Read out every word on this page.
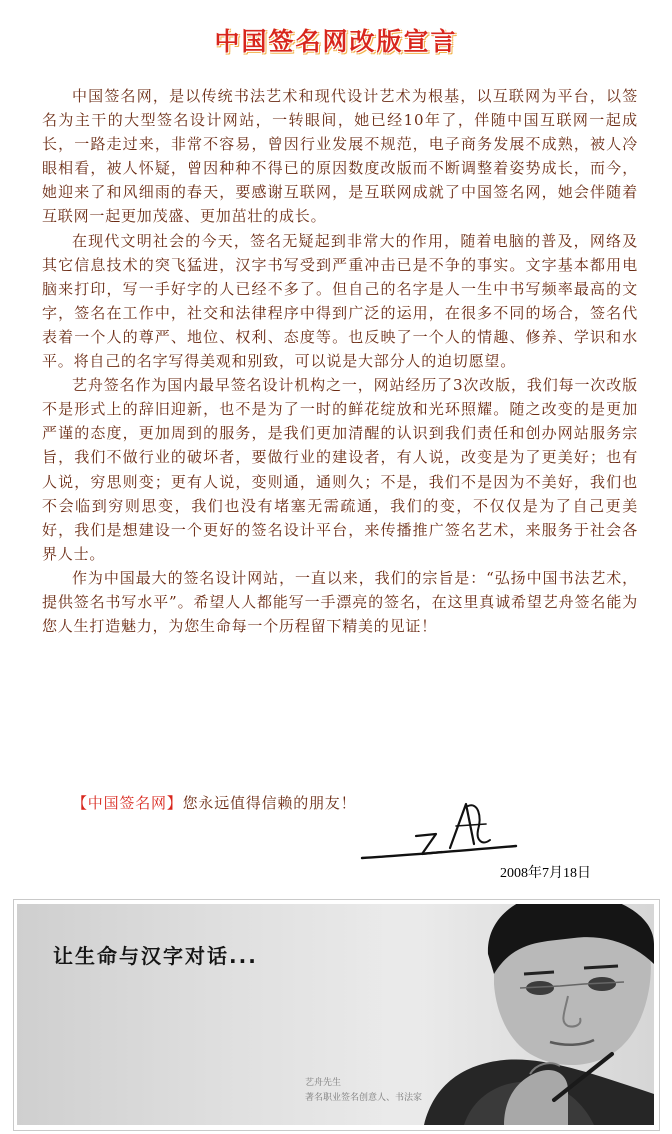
中国签名网改版宣言

中国签名网，是以传统书法艺术和现代设计艺术为根基，以互联网为平台，以签名为主干的大型签名设计网站，一转眼间，她已经10年了，伴随中国互联网一起成长，一路走过来，非常不容易，曾因行业发展不规范，电子商务发展不成熟，被人冷眼相看，被人怀疑，曾因种种不得已的原因数度改版而不断调整着姿势成长，而今，她迎来了和风细雨的春天，要感谢互联网，是互联网成就了中国签名网，她会伴随着互联网一起更加茂盛、更加茁壮的成长。

在现代文明社会的今天，签名无疑起到非常大的作用，随着电脑的普及，网络及其它信息技术的突飞猛进，汉字书写受到严重冲击已是不争的事实。文字基本都用电脑来打印，写一手好字的人已经不多了。但自己的名字是人一生中书写频率最高的文字，签名在工作中，社交和法律程序中得到广泛的运用，在很多不同的场合，签名代表着一个人的尊严、地位、权利、态度等。也反映了一个人的情趣、修养、学识和水平。将自己的名字写得美观和别致，可以说是大部分人的迫切愿望。

艺舟签名作为国内最早签名设计机构之一，网站经历了3次改版，我们每一次改版不是形式上的辞旧迎新，也不是为了一时的鲜花绽放和光环照耀。随之改变的是更加严谨的态度，更加周到的服务，是我们更加清醒的认识到我们责任和创办网站服务宗旨，我们不做行业的破坏者，要做行业的建设者，有人说，改变是为了更美好；也有人说，穷思则变；更有人说，变则通，通则久；不是，我们不是因为不美好，我们也不会临到穷则思变，我们也没有堵塞无需疏通，我们的变，不仅仅是为了自己更美好，我们是想建设一个更好的签名设计平台，来传播推广签名艺术，来服务于社会各界人士。

作为中国最大的签名设计网站，一直以来，我们的宗旨是：“弘扬中国书法艺术，提供签名书写水平”。希望人人都能写一手漂亮的签名，在这里真诚希望艺舟签名能为您人生打造魅力，为您生命每一个历程留下精美的见证！

【中国签名网】您永远值得信赖的朋友！
2008年7月18日
让生命与汉字对话...
艺舟先生
著名职业签名创意人、书法家
